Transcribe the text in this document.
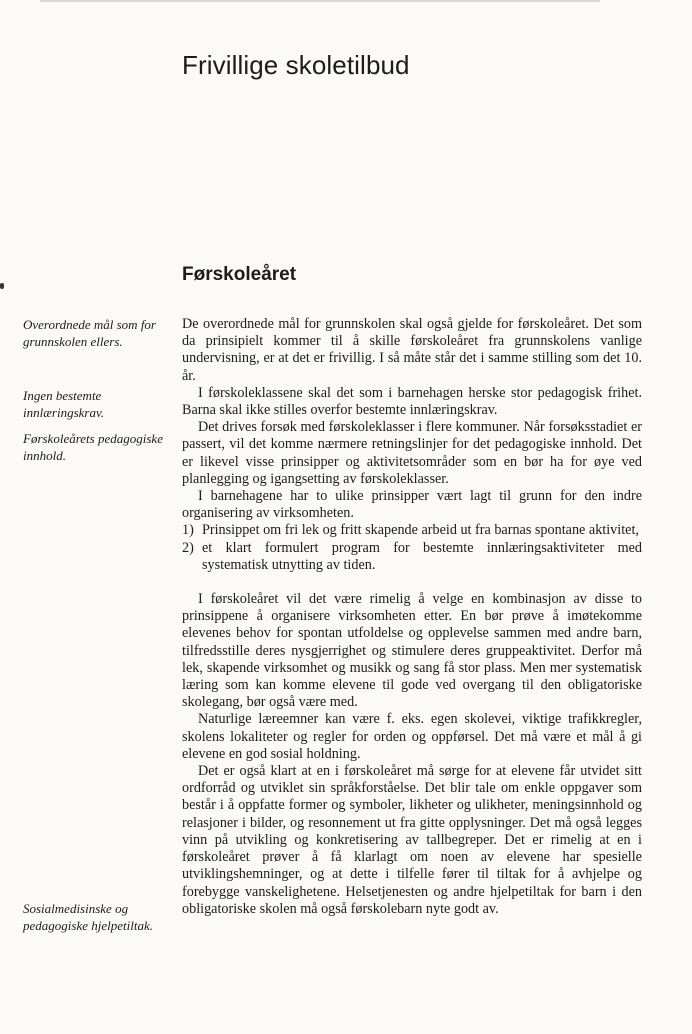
Frivillige skoletilbud
Førskoleåret
Overordnede mål som for grunnskolen ellers.
Ingen bestemte innlæringskrav.
Førskoleårets pedagogiske innhold.
Sosialmedisinske og pedagogiske hjelpetiltak.

De overordnede mål for grunnskolen skal også gjelde for førskoleåret. Det som da prinsipielt kommer til å skille førskoleåret fra grunnskolens vanlige undervisning, er at det er frivillig. I så måte står det i samme stilling som det 10. år.

I førskoleklassene skal det som i barnehagen herske stor pedagogisk frihet. Barna skal ikke stilles overfor bestemte innlæringskrav.

Det drives forsøk med førskoleklasser i flere kommuner. Når forsøksstadiet er passert, vil det komme nærmere retningslinjer for det pedagogiske innhold. Det er likevel visse prinsipper og aktivitetsområder som en bør ha for øye ved planlegging og igangsetting av førskoleklasser.

I barnehagene har to ulike prinsipper vært lagt til grunn for den indre organisering av virksomheten.

1) Prinsippet om fri lek og fritt skapende arbeid ut fra barnas spontane aktivitet,
2) et klart formulert program for bestemte innlæringsaktiviteter med systematisk utnytting av tiden.

I førskoleåret vil det være rimelig å velge en kombinasjon av disse to prinsippene å organisere virksomheten etter. En bør prøve å imøtekomme elevenes behov for spontan utfoldelse og opplevelse sammen med andre barn, tilfredsstille deres nysgjerrighet og stimulere deres gruppeaktivitet. Derfor må lek, skapende virksomhet og musikk og sang få stor plass. Men mer systematisk læring som kan komme elevene til gode ved overgang til den obligatoriske skolegang, bør også være med.

Naturlige læreemner kan være f. eks. egen skolevei, viktige trafikkregler, skolens lokaliteter og regler for orden og oppførsel. Det må være et mål å gi elevene en god sosial holdning.

Det er også klart at en i førskoleåret må sørge for at elevene får utvidet sitt ordforråd og utviklet sin språkforståelse. Det blir tale om enkle oppgaver som består i å oppfatte former og symboler, likheter og ulikheter, meningsinnhold og relasjoner i bilder, og resonnement ut fra gitte opplysninger. Det må også legges vinn på utvikling og konkretisering av tallbegreper. Det er rimelig at en i førskoleåret prøver å få klarlagt om noen av elevene har spesielle utviklingshemninger, og at dette i tilfelle fører til tiltak for å avhjelpe og forebygge vanskelighetene. Helsetjenesten og andre hjelpetiltak for barn i den obligatoriske skolen må også førskolebarn nyte godt av.
